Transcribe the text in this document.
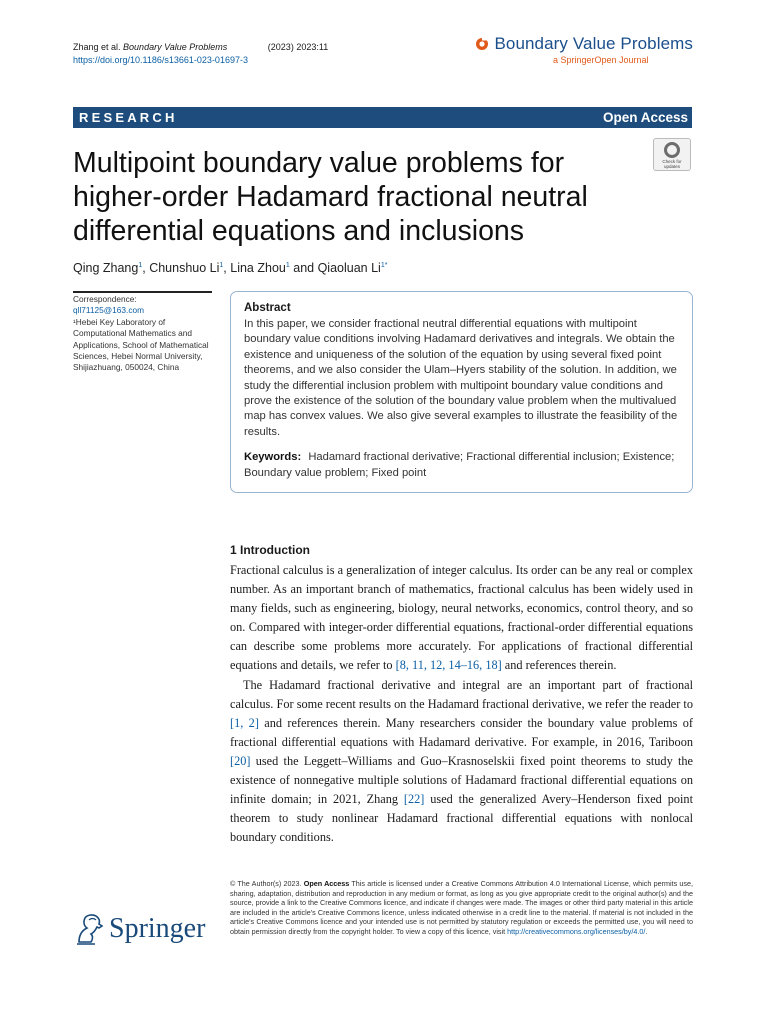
Zhang et al. Boundary Value Problems	(2023) 2023:11
https://doi.org/10.1186/s13661-023-01697-3
Boundary Value Problems
a SpringerOpen Journal
RESEARCH	Open Access
Check for updates
Multipoint boundary value problems for higher-order Hadamard fractional neutral differential equations and inclusions
Qing Zhang$^1$, Chunshuo Li$^1$, Lina Zhou$^1$ and Qiaoluan $Li^{1*}$
Correspondence:
qll71125@163.com
¹Hebei Key Laboratory of Computational Mathematics and Applications, School of Mathematical Sciences, Hebei Normal University, Shijiazhuang, 050024, China
Abstract
In this paper, we consider fractional neutral differential equations with multipoint boundary value conditions involving Hadamard derivatives and integrals. We obtain the existence and uniqueness of the solution of the equation by using several fixed point theorems, and we also consider the Ulam–Hyers stability of the solution. In addition, we study the differential inclusion problem with multipoint boundary value conditions and prove the existence of the solution of the boundary value problem when the multivalued map has convex values. We also give several examples to illustrate the feasibility of the results.
Keywords: Hadamard fractional derivative; Fractional differential inclusion; Existence; Boundary value problem; Fixed point
1 Introduction

Fractional calculus is a generalization of integer calculus. Its order can be any real or complex number. As an important branch of mathematics, fractional calculus has been widely used in many fields, such as engineering, biology, neural networks, economics, control theory, and so on. Compared with integer-order differential equations, fractional-order differential equations can describe some problems more accurately. For applications of fractional differential equations and details, we refer to [8, 11, 12, 14–16, 18] and references therein.

The Hadamard fractional derivative and integral are an important part of fractional calculus. For some recent results on the Hadamard fractional derivative, we refer the reader to [1, 2] and references therein. Many researchers consider the boundary value problems of fractional differential equations with Hadamard derivative. For example, in 2016, Tariboon [20] used the Leggett–Williams and Guo–Krasnoselskii fixed point theorems to study the existence of nonnegative multiple solutions of Hadamard fractional differential equations on infinite domain; in 2021, Zhang [22] used the generalized Avery–Henderson fixed point theorem to study nonlinear Hadamard fractional differential equations with nonlocal boundary conditions.

© The Author(s) 2023. Open Access This article is licensed under a Creative Commons Attribution 4.0 International License, which permits use, sharing, adaptation, distribution and reproduction in any medium or format, as long as you give appropriate credit to the original author(s) and the source, provide a link to the Creative Commons licence, and indicate if changes were made. The images or other third party material in this article are included in the article's Creative Commons licence, unless indicated otherwise in a credit line to the material. If material is not included in the article's Creative Commons licence and your intended use is not permitted by statutory regulation or exceeds the permitted use, you will need to obtain permission directly from the copyright holder. To view a copy of this licence, visit http://creativecommons.org/licenses/by/4.0/.
Springer
